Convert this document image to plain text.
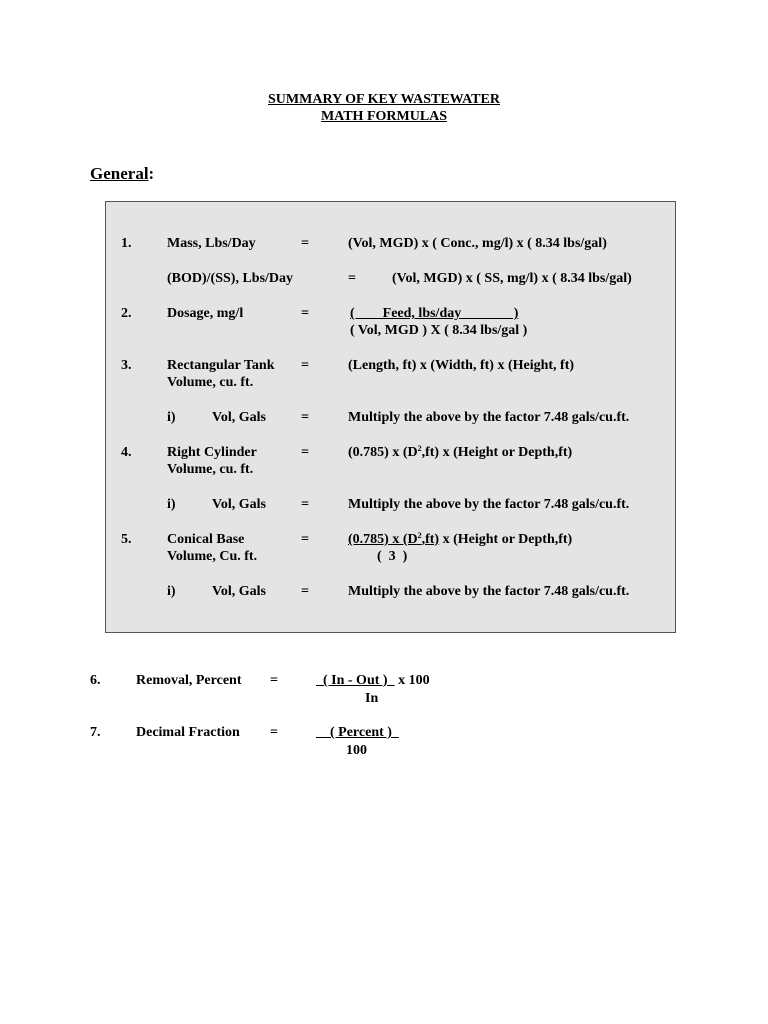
SUMMARY OF KEY WASTEWATER
MATH FORMULAS
General:
1.	Mass, Lbs/Day	=	(Vol, MGD) x ( Conc., mg/l) x ( 8.34 lbs/gal)
(BOD)/(SS), Lbs/Day	=	(Vol, MGD) x ( SS, mg/l) x ( 8.34 lbs/gal)
2.	Dosage, mg/l	=	(        Feed, lbs/day               )
( Vol, MGD ) X ( 8.34 lbs/gal )
3.	Rectangular Tank
Volume, cu. ft.
=	(Length, ft) x (Width, ft) x (Height, ft)
i)	Vol, Gals	=	Multiply the above by the factor 7.48 gals/cu.ft.
4.	Right Cylinder
Volume, cu. ft.
=	(0.785) x $(D^2,ft)$ x (Height or Depth,ft)
i)	Vol, Gals	=	Multiply the above by the factor 7.48 gals/cu.ft.
5.	Conical Base
Volume, Cu. ft.
=	(0.785) x $(D^2,ft)$ x (Height or Depth,ft)
(  3  )
i)	Vol, Gals	=	Multiply the above by the factor 7.48 gals/cu.ft.
6.	Removal, Percent =	( In - Out )   x 100
In
7.	Decimal Fraction =	( Percent )
100
